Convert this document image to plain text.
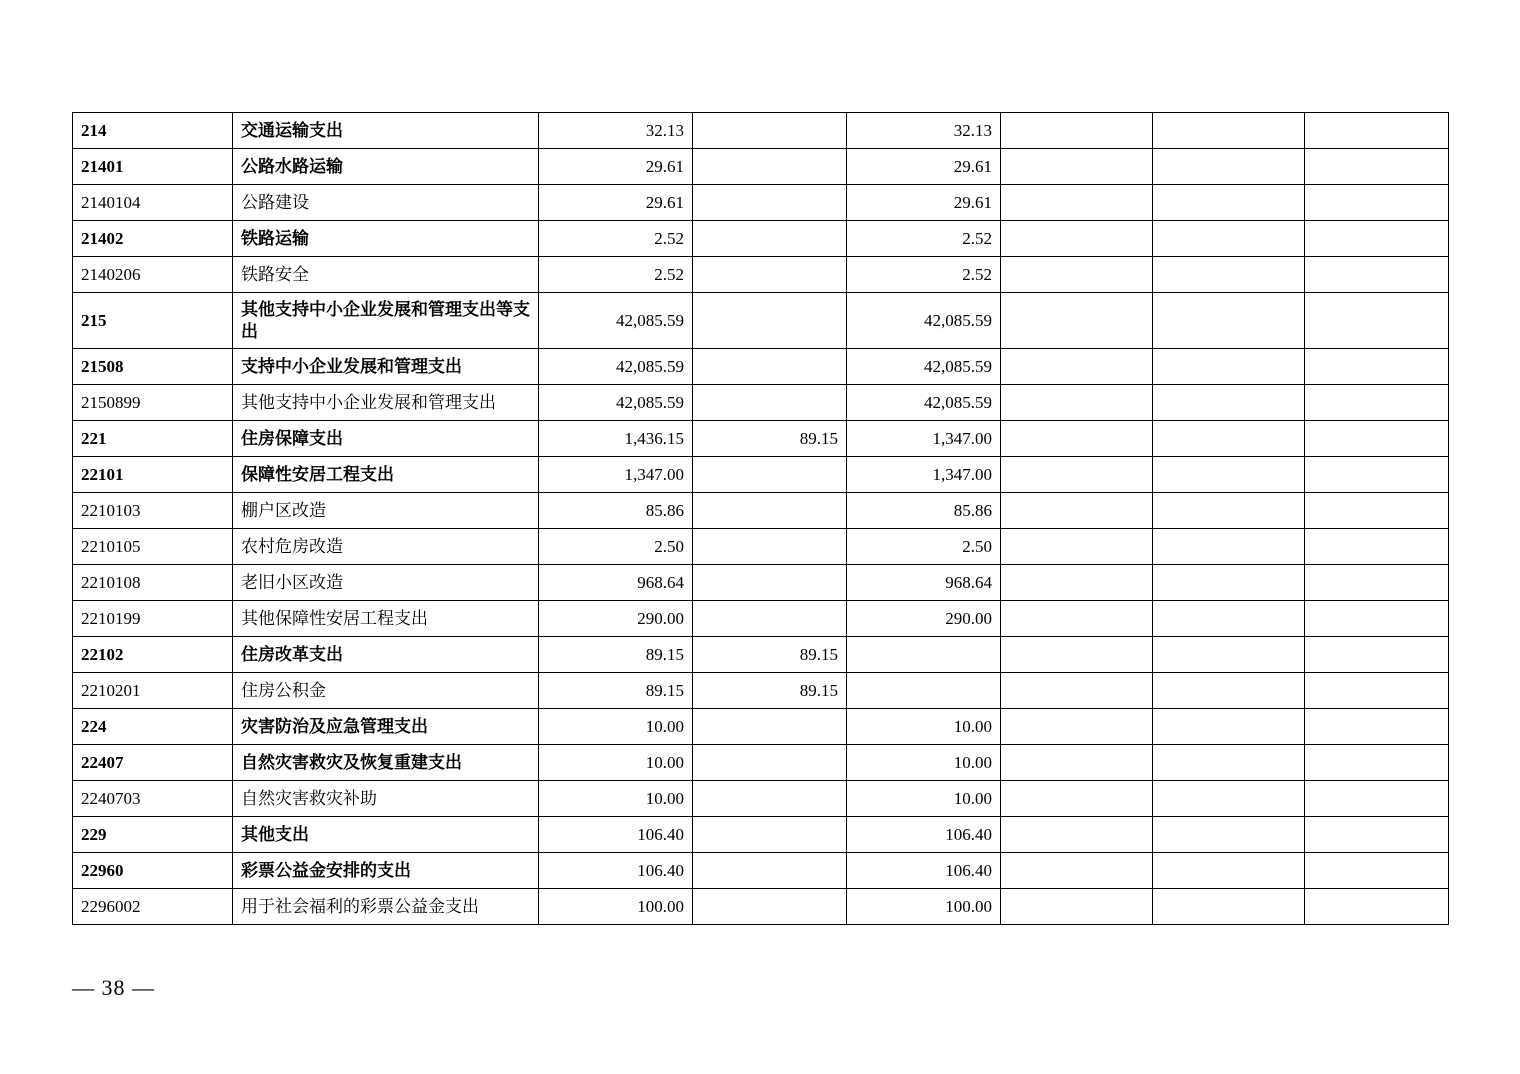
214	交通运输支出	32.13		32.13			
21401	公路水路运输	29.61		29.61			
2140104	公路建设	29.61		29.61			
21402	铁路运输	2.52		2.52			
2140206	铁路安全	2.52		2.52			
215	其他支持中小企业发展和管理支出等支出	42,085.59		42,085.59			
21508	支持中小企业发展和管理支出	42,085.59		42,085.59			
2150899	其他支持中小企业发展和管理支出	42,085.59		42,085.59			
221	住房保障支出	1,436.15	89.15	1,347.00			
22101	保障性安居工程支出	1,347.00		1,347.00			
2210103	棚户区改造	85.86		85.86			
2210105	农村危房改造	2.50		2.50			
2210108	老旧小区改造	968.64		968.64			
2210199	其他保障性安居工程支出	290.00		290.00			
22102	住房改革支出	89.15	89.15				
2210201	住房公积金	89.15	89.15				
224	灾害防治及应急管理支出	10.00		10.00			
22407	自然灾害救灾及恢复重建支出	10.00		10.00			
2240703	自然灾害救灾补助	10.00		10.00			
229	其他支出	106.40		106.40			
22960	彩票公益金安排的支出	106.40		106.40			
2296002	用于社会福利的彩票公益金支出	100.00		100.00			
— 38 —
